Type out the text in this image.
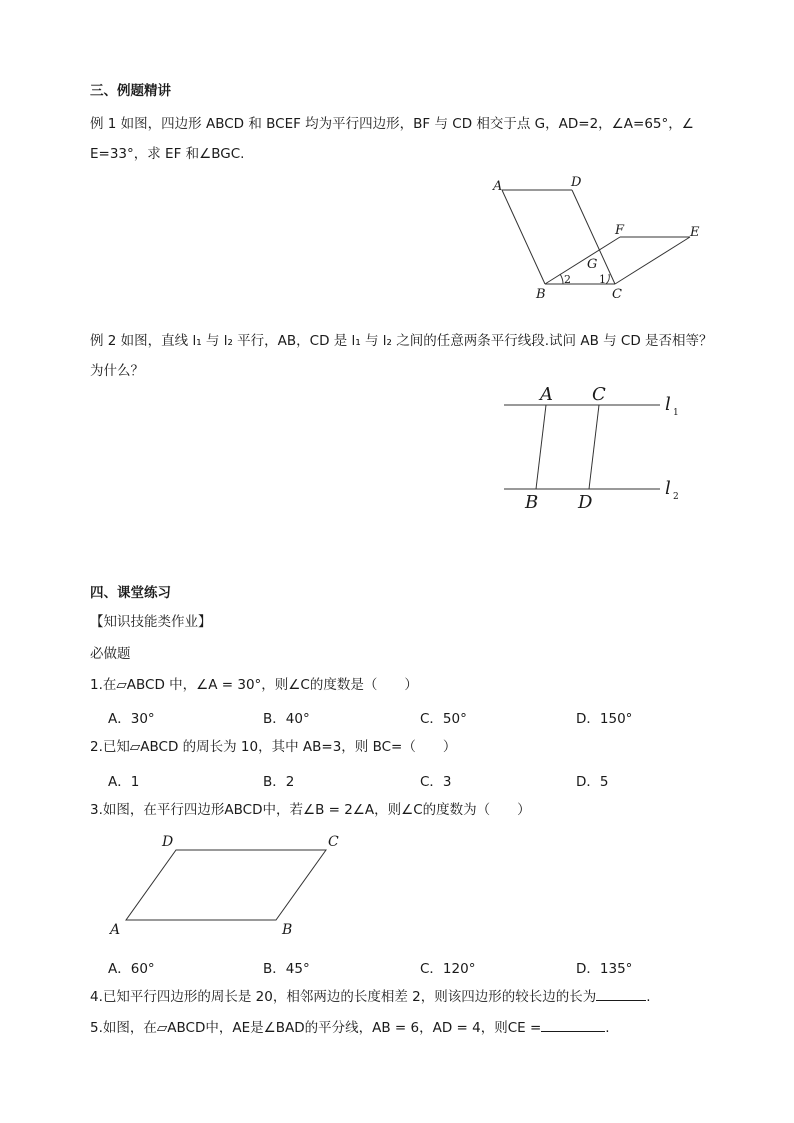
三、例题精讲
例 1 如图，四边形 ABCD 和 BCEF 均为平行四边形，BF 与 CD 相交于点 G，AD=2，∠A=65°，∠
E=33°，求 EF 和∠BGC.
A	D
F	E
G
B	C
1
2
例 2 如图，直线 l₁ 与 l₂ 平行，AB，CD 是 l₁ 与 l₂ 之间的任意两条平行线段.试问 AB 与 CD 是否相等？
为什么？
A C
B D
l 1
l 2
四、课堂练习
【知识技能类作业】
必做题
1.在▱ABCD 中，∠A = 30°，则∠C的度数是（　　）
A．30°	B．40°	C．50°	D．150°
2.已知▱ABCD 的周长为 10，其中 AB=3，则 BC=（　　）
A．1	B．2	C．3	D．5
3.如图，在平行四边形ABCD中，若∠B = 2∠A，则∠C的度数为（　　）
D	C
A	B
A．60°	B．45°	C．120°	D．135°
4.已知平行四边形的周长是 20，相邻两边的长度相差 2，则该四边形的较长边的长为	.
5.如图，在▱ABCD中，AE是∠BAD的平分线，AB = 6，AD = 4，则CE =	.
